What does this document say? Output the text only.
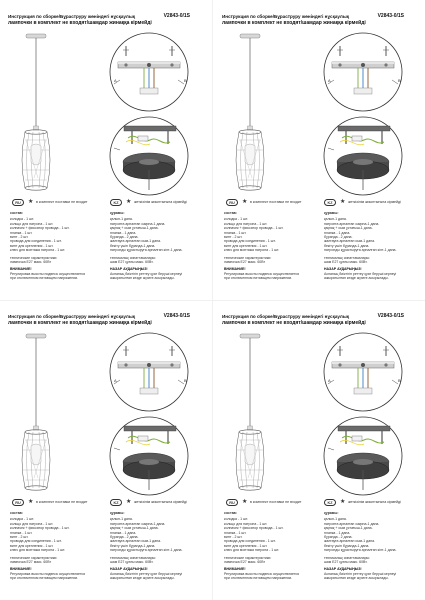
Инструкция по сборке/Бұраструру жөніндегі нұсқаулық	V2843-0/1S
лампочки в комплект не входят/шамдар жинаққа кірмейді
A	B
RU	★ в комплект поставки не входит	KZ	★ жеткізілім жиынтығына кірмейді
состав:
колодка - 1 шт.
кольцо для патрона - 1 шт.
колпачек + фиксатор провода - 1 шт.
планка - 1 шт.
винт - 2 шт.
провода для соединения - 1 шт.
винт для крепления - 1 шт.
ключ для монтажа патрона - 1 шт.
технические характеристики:
лампочка E27 макс. 60Вт
ВНИМАНИЕ!
Регулировка высоты подвеса осуществляется
при отключенном питающем напряжении.
құрамы:
қалып-1 дана.
патронға арналған сақина-1 дана.
қақпақ + сым ұстағыш-1 дана.
планка - 1 дана.
бұранда - 2 дана.
жалғауға арналған сым-1 дана.
бекіту үшін бұранда-1 дана.
патронды құрастыруға арналған кілт-1 дана.
техникалық сипаттамалары:
шам E27 қуаты макс. 60Вт.
НАЗАР АУДАРЫҢЫЗ!
Аспаның биіктігін реттеу қуат беруші кернеуі
ажыратылған кезде жүзеге асырылады.
Инструкция по сборке/Бұраструру жөніндегі нұсқаулық	V2843-0/1S
лампочки в комплект не входят/шамдар жинаққа кірмейді
A	B
RU	★ в комплект поставки не входит	KZ	★ жеткізілім жиынтығына кірмейді
состав:
колодка - 1 шт.
кольцо для патрона - 1 шт.
колпачек + фиксатор провода - 1 шт.
планка - 1 шт.
винт - 2 шт.
провода для соединения - 1 шт.
винт для крепления - 1 шт.
ключ для монтажа патрона - 1 шт.
технические характеристики:
лампочка E27 макс. 60Вт
ВНИМАНИЕ!
Регулировка высоты подвеса осуществляется
при отключенном питающем напряжении.
құрамы:
қалып-1 дана.
патронға арналған сақина-1 дана.
қақпақ + сым ұстағыш-1 дана.
планка - 1 дана.
бұранда - 2 дана.
жалғауға арналған сым-1 дана.
бекіту үшін бұранда-1 дана.
патронды құрастыруға арналған кілт-1 дана.
техникалық сипаттамалары:
шам E27 қуаты макс. 60Вт.
НАЗАР АУДАРЫҢЫЗ!
Аспаның биіктігін реттеу қуат беруші кернеуі
ажыратылған кезде жүзеге асырылады.
Инструкция по сборке/Бұраструру жөніндегі нұсқаулық	V2843-0/1S
лампочки в комплект не входят/шамдар жинаққа кірмейді
A	B
RU	★ в комплект поставки не входит	KZ	★ жеткізілім жиынтығына кірмейді
состав:
колодка - 1 шт.
кольцо для патрона - 1 шт.
колпачек + фиксатор провода - 1 шт.
планка - 1 шт.
винт - 2 шт.
провода для соединения - 1 шт.
винт для крепления - 1 шт.
ключ для монтажа патрона - 1 шт.
технические характеристики:
лампочка E27 макс. 60Вт
ВНИМАНИЕ!
Регулировка высоты подвеса осуществляется
при отключенном питающем напряжении.
құрамы:
қалып-1 дана.
патронға арналған сақина-1 дана.
қақпақ + сым ұстағыш-1 дана.
планка - 1 дана.
бұранда - 2 дана.
жалғауға арналған сым-1 дана.
бекіту үшін бұранда-1 дана.
патронды құрастыруға арналған кілт-1 дана.
техникалық сипаттамалары:
шам E27 қуаты макс. 60Вт.
НАЗАР АУДАРЫҢЫЗ!
Аспаның биіктігін реттеу қуат беруші кернеуі
ажыратылған кезде жүзеге асырылады.
Инструкция по сборке/Бұраструру жөніндегі нұсқаулық	V2843-0/1S
лампочки в комплект не входят/шамдар жинаққа кірмейді
A	B
RU	★ в комплект поставки не входит	KZ	★ жеткізілім жиынтығына кірмейді
состав:
колодка - 1 шт.
кольцо для патрона - 1 шт.
колпачек + фиксатор провода - 1 шт.
планка - 1 шт.
винт - 2 шт.
провода для соединения - 1 шт.
винт для крепления - 1 шт.
ключ для монтажа патрона - 1 шт.
технические характеристики:
лампочка E27 макс. 60Вт
ВНИМАНИЕ!
Регулировка высоты подвеса осуществляется
при отключенном питающем напряжении.
құрамы:
қалып-1 дана.
патронға арналған сақина-1 дана.
қақпақ + сым ұстағыш-1 дана.
планка - 1 дана.
бұранда - 2 дана.
жалғауға арналған сым-1 дана.
бекіту үшін бұранда-1 дана.
патронды құрастыруға арналған кілт-1 дана.
техникалық сипаттамалары:
шам E27 қуаты макс. 60Вт.
НАЗАР АУДАРЫҢЫЗ!
Аспаның биіктігін реттеу қуат беруші кернеуі
ажыратылған кезде жүзеге асырылады.
